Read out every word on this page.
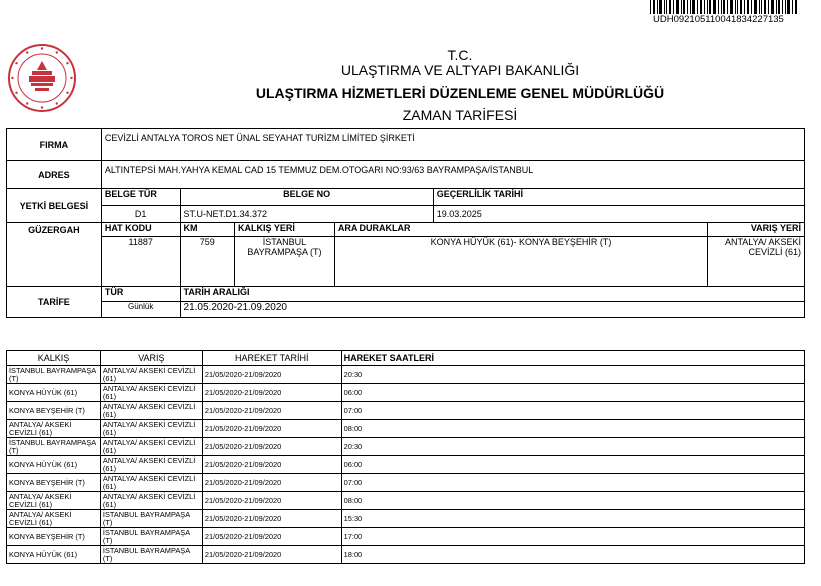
UDH092105110041834227135
T.C.
ULAŞTIRMA VE ALTYAPI BAKANLIĞI
ULAŞTIRMA HİZMETLERİ DÜZENLEME GENEL MÜDÜRLÜĞÜ
ZAMAN TARİFESİ
FIRMA	CEVİZLİ ANTALYA TOROS NET ÜNAL SEYAHAT TURİZM LİMİTED ŞİRKETİ					
ADRES	ALTINTEPSİ MAH.YAHYA KEMAL CAD 15 TEMMUZ DEM.OTOGARI NO:93/63 BAYRAMPAŞA/İSTANBUL					
YETKİ BELGESİ	BELGE TÜR	BELGE NO			GEÇERLİLİK TARİHİ	
	D1	ST.U-NET.D1.34.372			19.03.2025	
GÜZERGAH	HAT KODU	KM	KALKIŞ YERİ	ARA DURAKLAR		VARIŞ YERİ
	11887	759	İSTANBUL BAYRAMPAŞA (T)	KONYA HÜYÜK (61)- KONYA BEYŞEHİR (T)		ANTALYA/ AKSEKİ CEVİZLİ (61)
TARİFE	TÜR	TARİH ARALIĞI				
	Günlük	21.05.2020-21.09.2020				
KALKIŞ	VARIŞ	HAREKET TARİHİ	HAREKET SAATLERİ
İSTANBUL BAYRAMPAŞA (T)	ANTALYA/ AKSEKİ CEVİZLİ (61)	21/05/2020-21/09/2020	20:30
KONYA HÜYÜK (61)	ANTALYA/ AKSEKİ CEVİZLİ (61)	21/05/2020-21/09/2020	06:00
KONYA BEYŞEHİR (T)	ANTALYA/ AKSEKİ CEVİZLİ (61)	21/05/2020-21/09/2020	07:00
ANTALYA/ AKSEKİ CEVİZLİ (61)	ANTALYA/ AKSEKİ CEVİZLİ (61)	21/05/2020-21/09/2020	08:00
İSTANBUL BAYRAMPAŞA (T)	ANTALYA/ AKSEKİ CEVİZLİ (61)	21/05/2020-21/09/2020	20:30
KONYA HÜYÜK (61)	ANTALYA/ AKSEKİ CEVİZLİ (61)	21/05/2020-21/09/2020	06:00
KONYA BEYŞEHİR (T)	ANTALYA/ AKSEKİ CEVİZLİ (61)	21/05/2020-21/09/2020	07:00
ANTALYA/ AKSEKİ CEVİZLİ (61)	ANTALYA/ AKSEKİ CEVİZLİ (61)	21/05/2020-21/09/2020	08:00
ANTALYA/ AKSEKİ CEVİZLİ (61)	İSTANBUL BAYRAMPAŞA (T)	21/05/2020-21/09/2020	15:30
KONYA BEYŞEHİR (T)	İSTANBUL BAYRAMPAŞA (T)	21/05/2020-21/09/2020	17:00
KONYA HÜYÜK (61)	İSTANBUL BAYRAMPAŞA (T)	21/05/2020-21/09/2020	18:00
